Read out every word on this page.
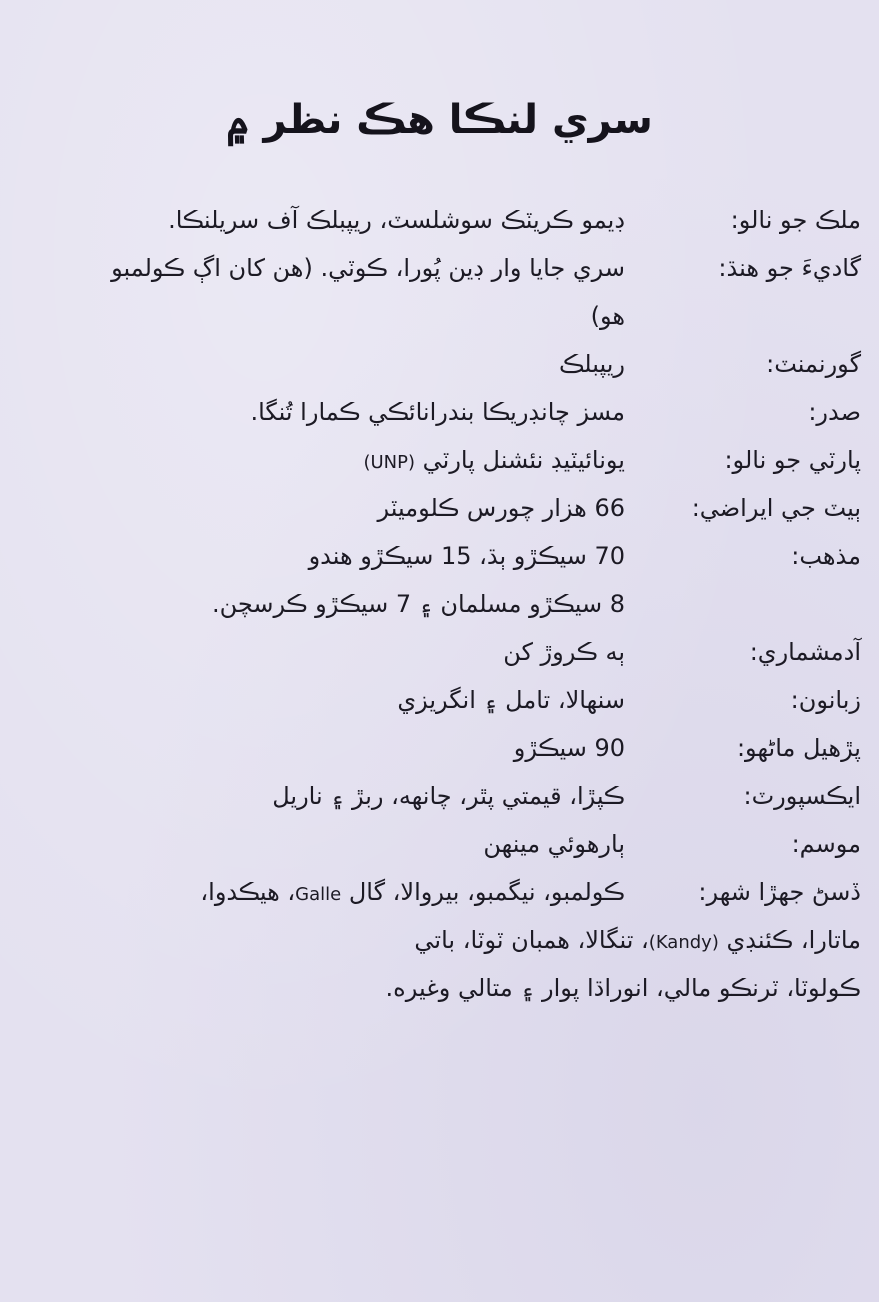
سري لنڪا هڪ نظر ۾
ملڪ جو نالو:
ڊيمو ڪريٽڪ سوشلسٽ، ريپبلڪ آف سريلنڪا.
گاديءَ جو هنڌ:
سري جايا وار ڊين پُورا، ڪوٽي. (هن کان اڳ ڪولمبو
هو)
گورنمنٽ:
ريپبلڪ
صدر:
مسز چانڊريڪا بندرانائڪي ڪمارا تُنگا.
پارٽي جو نالو:
يونائيٽيڊ نئشنل پارٽي (UNP)
ٻيٽ جي ايراضي:
66 هزار چورس ڪلوميٽر
مذهب:
70 سيڪڙو ٻڌ، 15 سيڪڙو هندو
8 سيڪڙو مسلمان ۽ 7 سيڪڙو ڪرسچن.
آدمشماري:
ٻه ڪروڙ کن
زبانون:
سنهالا، تامل ۽ انگريزي
پڙهيل ماڻهو:
90 سيڪڙو
ايڪسپورٽ:
ڪپڙا، قيمتي پٿر، چانهه، ربڙ ۽ ناريل
موسم:
ٻارهوئي مينهن
ڏسڻ جهڙا شهر:
ڪولمبو، نيگمبو، بيروالا، گال Galle، هيڪدوا،
ماتارا، ڪئنڊي (Kandy)، تنگالا، همبان ٽوٽا، باتي
ڪولوٽا، ٽرنڪو مالي، انوراڌا پوار ۽ متالي وغيره.
